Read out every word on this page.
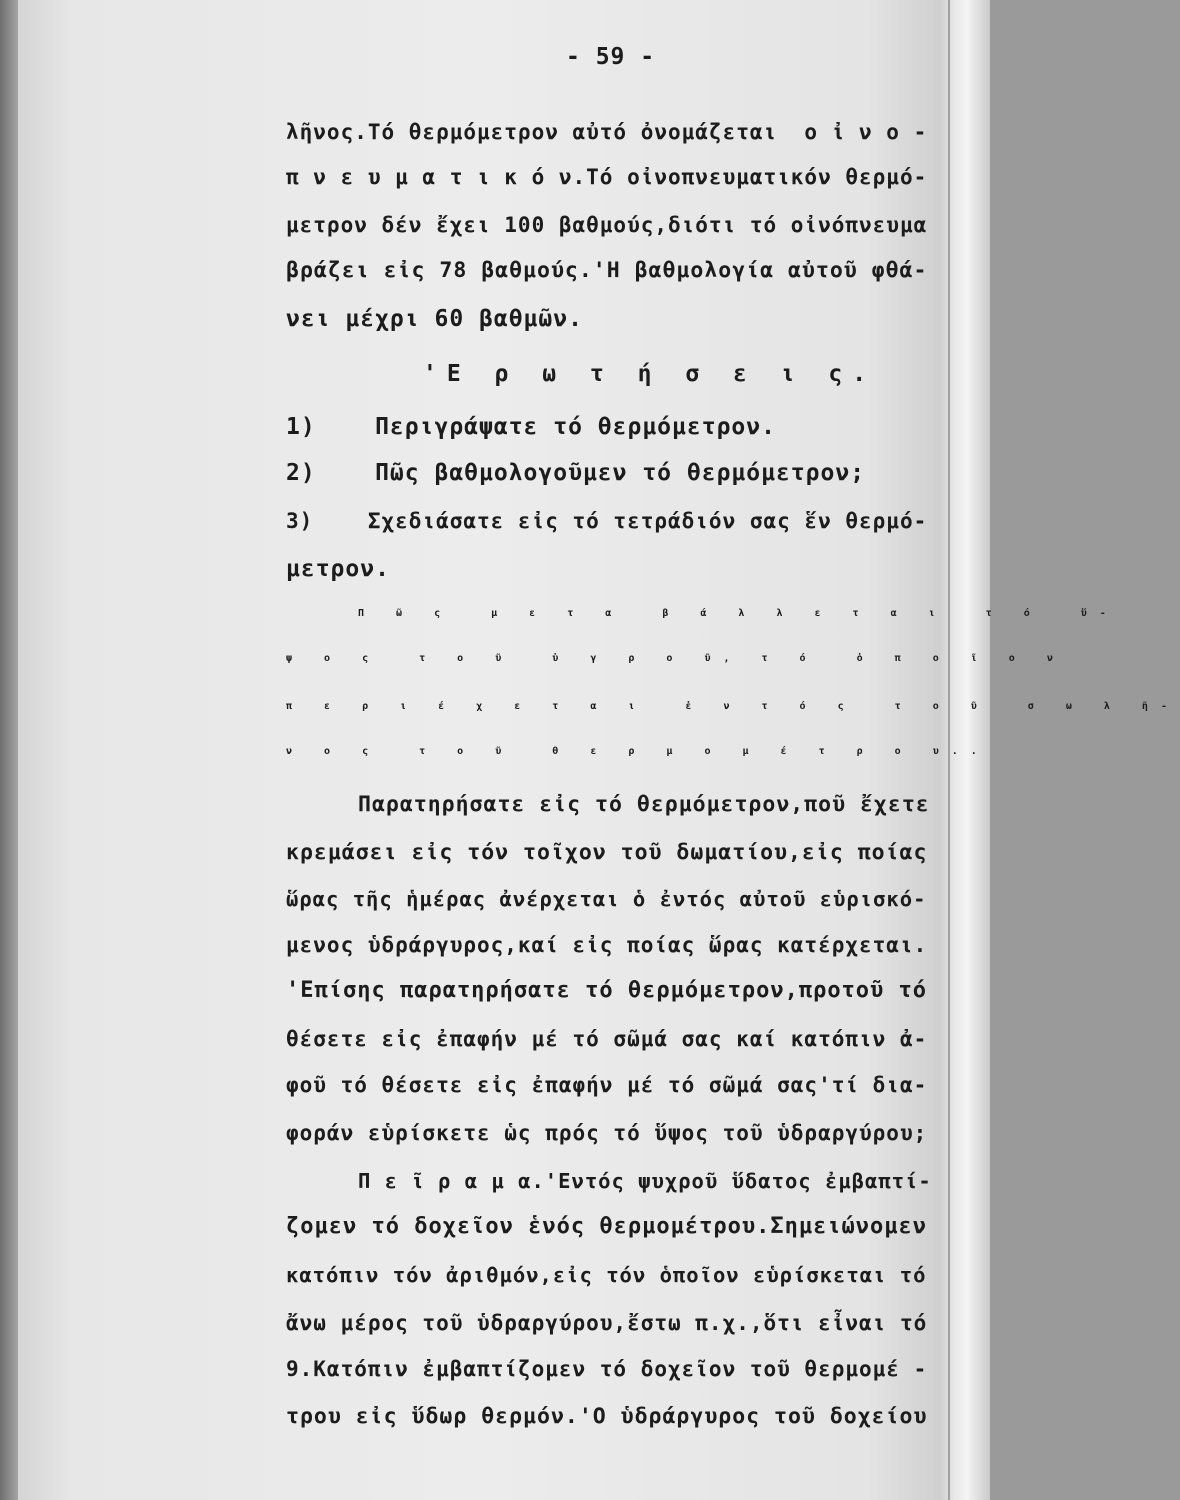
- 59 -
λῆνος.Τό θερμόμετρον αὐτό ὀνομάζεται  ο ἰ ν ο -
π ν ε υ μ α τ ι κ ό ν.Τό οἰνοπνευματικόν θερμό-
μετρον δέν ἔχει 100 βαθμούς,διότι τό οἰνόπνευμα
βράζει εἰς 78 βαθμούς.'Η βαθμολογία αὐτοῦ φθά-
νει μέχρι 60 βαθμῶν.
'Ε ρ ω τ ή σ ε ι ς.
1)    Περιγράψατε τό θερμόμετρον.
2)    Πῶς βαθμολογοῦμεν τό θερμόμετρον;
3)    Σχεδιάσατε εἰς τό τετράδιόν σας ἕν θερμό-
μετρον.
Π ῶ ς  μ ε τ α  β ά λ λ ε τ α ι  τ ό  ὕ-
ψ ο ς  τ ο ῦ  ὑ γ ρ ο ῦ, τ ό  ὁ π ο ῖ ο ν
π ε ρ ι έ χ ε τ α ι  ἐ ν τ ό ς  τ ο ῦ  σ ω λ ῆ-
ν ο ς  τ ο ῦ  θ ε ρ μ ο μ έ τ ρ ο υ..
Παρατηρήσατε εἰς τό θερμόμετρον,ποῦ ἔχετε
κρεμάσει εἰς τόν τοῖχον τοῦ δωματίου,εἰς ποίας
ὥρας τῆς ἡμέρας ἀνέρχεται ὁ ἐντός αὐτοῦ εὑρισκό-
μενος ὑδράργυρος,καί εἰς ποίας ὥρας κατέρχεται.
'Επίσης παρατηρήσατε τό θερμόμετρον,προτοῦ τό
θέσετε εἰς ἐπαφήν μέ τό σῶμά σας καί κατόπιν ἀ-
φοῦ τό θέσετε εἰς ἐπαφήν μέ τό σῶμά σας'τί δια-
φοράν εὑρίσκετε ὡς πρός τό ὕψος τοῦ ὑδραργύρου;
Π ε ῖ ρ α μ α.'Εντός ψυχροῦ ὕδατος ἐμβαπτί-
ζομεν τό δοχεῖον ἑνός θερμομέτρου.Σημειώνομεν
κατόπιν τόν ἀριθμόν,εἰς τόν ὁποῖον εὑρίσκεται τό
ἄνω μέρος τοῦ ὑδραργύρου,ἔστω π.χ.,ὅτι εἶναι τό
9.Κατόπιν ἐμβαπτίζομεν τό δοχεῖον τοῦ θερμομέ -
τρου εἰς ὕδωρ θερμόν.'Ο ὑδράργυρος τοῦ δοχείου
